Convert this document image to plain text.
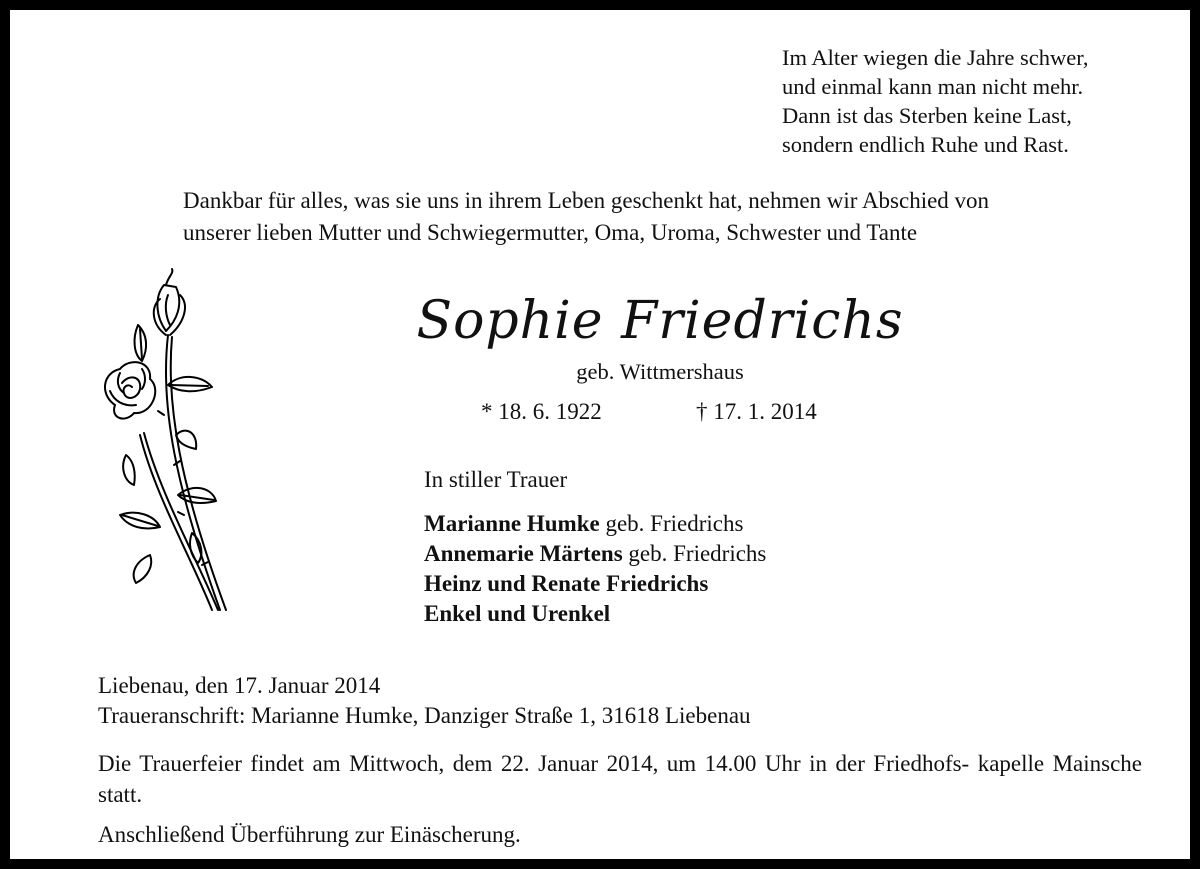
Im Alter wiegen die Jahre schwer,
und einmal kann man nicht mehr.
Dann ist das Sterben keine Last,
sondern endlich Ruhe und Rast.
Dankbar für alles, was sie uns in ihrem Leben geschenkt hat, nehmen wir Abschied von
unserer lieben Mutter und Schwiegermutter, Oma, Uroma, Schwester und Tante
Sophie Friedrichs
geb. Wittmershaus
* 18. 6. 1922	† 17. 1. 2014
In stiller Trauer
Marianne Humke geb. Friedrichs
Annemarie Märtens geb. Friedrichs
Heinz und Renate Friedrichs
Enkel und Urenkel
Liebenau, den 17. Januar 2014
Traueranschrift: Marianne Humke, Danziger Straße 1, 31618 Liebenau
Die Trauerfeier findet am Mittwoch, dem 22. Januar 2014, um 14.00 Uhr in der Friedhofs- kapelle Mainsche statt.
Anschließend Überführung zur Einäscherung.
